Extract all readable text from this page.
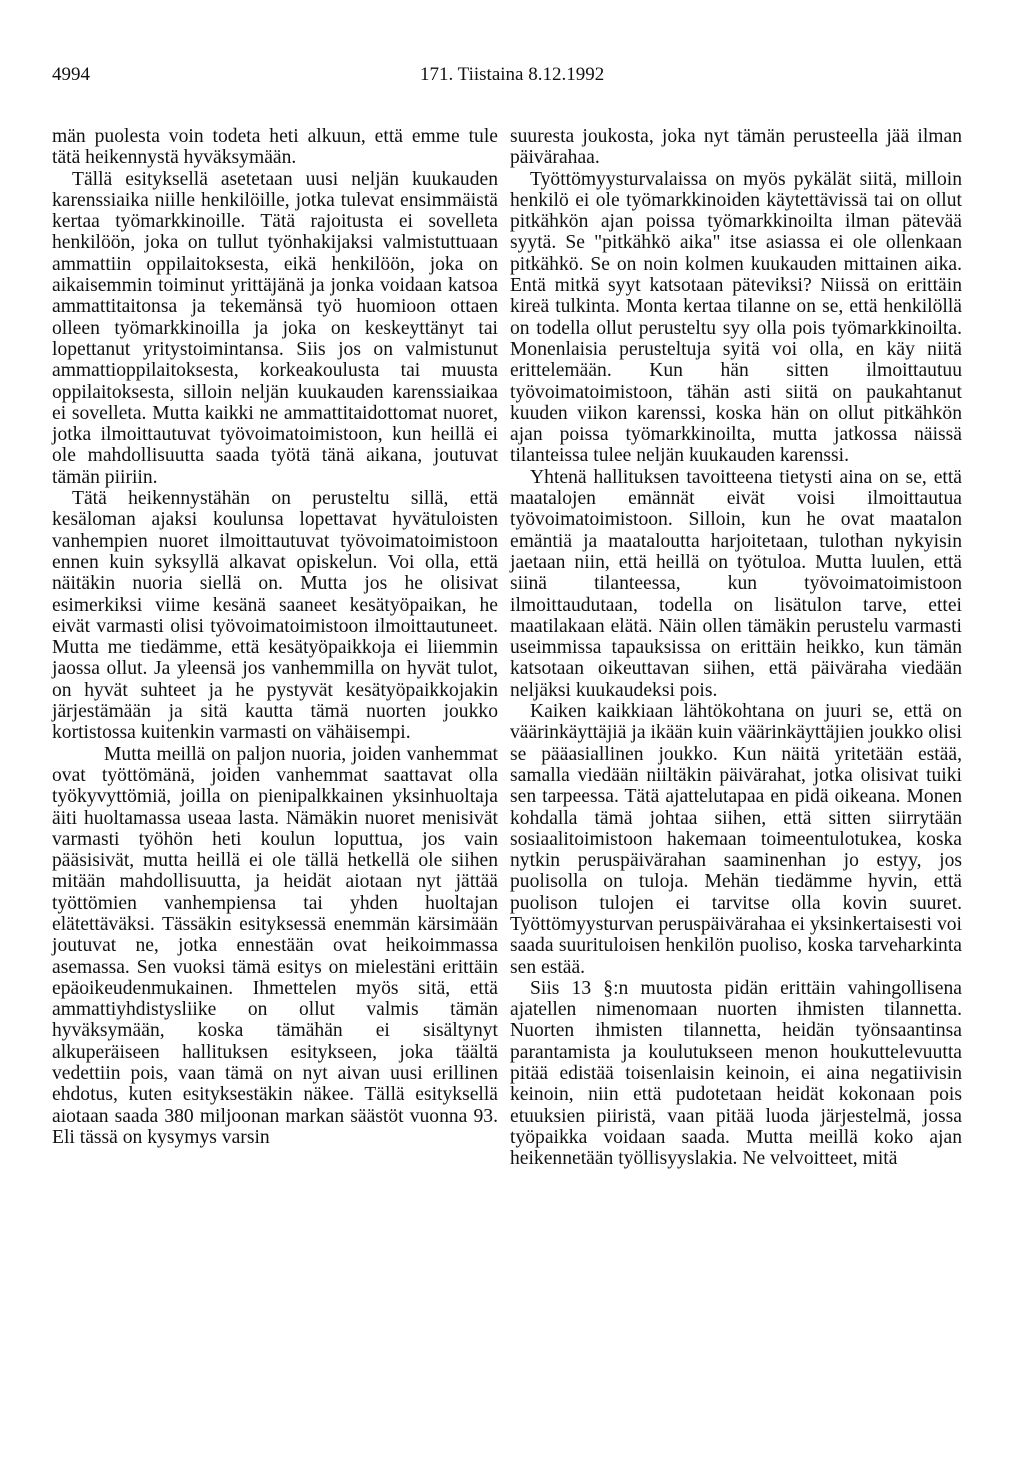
4994	171. Tiistaina 8.12.1992

män puolesta voin todeta heti alkuun, että emme tule tätä heikennystä hyväksymään.

Tällä esityksellä asetetaan uusi neljän kuukauden karenssiaika niille henkilöille, jotka tulevat ensimmäistä kertaa työmarkkinoille. Tätä rajoitusta ei sovelleta henkilöön, joka on tullut työnhakijaksi valmistuttuaan ammattiin oppilaitoksesta, eikä henkilöön, joka on aikaisemmin toiminut yrittäjänä ja jonka voidaan katsoa ammattitaitonsa ja tekemänsä työ huomioon ottaen olleen työmarkkinoilla ja joka on keskeyttänyt tai lopettanut yritystoimintansa. Siis jos on valmistunut ammattioppilaitoksesta, korkeakoulusta tai muusta oppilaitoksesta, silloin neljän kuukauden karenssiaikaa ei sovelleta. Mutta kaikki ne ammattitaidottomat nuoret, jotka ilmoittautuvat työvoimatoimistoon, kun heillä ei ole mahdollisuutta saada työtä tänä aikana, joutuvat tämän piiriin.

Tätä heikennystähän on perusteltu sillä, että kesäloman ajaksi koulunsa lopettavat hyvätuloisten vanhempien nuoret ilmoittautuvat työvoimatoimistoon ennen kuin syksyllä alkavat opiskelun. Voi olla, että näitäkin nuoria siellä on. Mutta jos he olisivat esimerkiksi viime kesänä saaneet kesätyöpaikan, he eivät varmasti olisi työvoimatoimistoon ilmoittautuneet. Mutta me tiedämme, että kesätyöpaikkoja ei liiemmin jaossa ollut. Ja yleensä jos vanhemmilla on hyvät tulot, on hyvät suhteet ja he pystyvät kesätyöpaikkojakin järjestämään ja sitä kautta tämä nuorten joukko kortistossa kuitenkin varmasti on vähäisempi.

Mutta meillä on paljon nuoria, joiden vanhemmat ovat työttömänä, joiden vanhemmat saattavat olla työkyvyttömiä, joilla on pienipalkkainen yksinhuoltaja äiti huoltamassa useaa lasta. Nämäkin nuoret menisivät varmasti työhön heti koulun loputtua, jos vain pääsisivät, mutta heillä ei ole tällä hetkellä ole siihen mitään mahdollisuutta, ja heidät aiotaan nyt jättää työttömien vanhempiensa tai yhden huoltajan elätettäväksi. Tässäkin esityksessä enemmän kärsimään joutuvat ne, jotka ennestään ovat heikoimmassa asemassa. Sen vuoksi tämä esitys on mielestäni erittäin epäoikeudenmukainen. Ihmettelen myös sitä, että ammattiyhdistysliike on ollut valmis tämän hyväksymään, koska tämähän ei sisältynyt alkuperäiseen hallituksen esitykseen, joka täältä vedettiin pois, vaan tämä on nyt aivan uusi erillinen ehdotus, kuten esityksestäkin näkee. Tällä esityksellä aiotaan saada 380 miljoonan markan säästöt vuonna 93. Eli tässä on kysymys varsin

suuresta joukosta, joka nyt tämän perusteella jää ilman päivärahaa.

Työttömyysturvalaissa on myös pykälät siitä, milloin henkilö ei ole työmarkkinoiden käytettävissä tai on ollut pitkähkön ajan poissa työmarkkinoilta ilman pätevää syytä. Se "pitkähkö aika" itse asiassa ei ole ollenkaan pitkähkö. Se on noin kolmen kuukauden mittainen aika. Entä mitkä syyt katsotaan päteviksi? Niissä on erittäin kireä tulkinta. Monta kertaa tilanne on se, että henkilöllä on todella ollut perusteltu syy olla pois työmarkkinoilta. Monenlaisia perusteltuja syitä voi olla, en käy niitä erittelemään. Kun hän sitten ilmoittautuu työvoimatoimistoon, tähän asti siitä on paukahtanut kuuden viikon karenssi, koska hän on ollut pitkähkön ajan poissa työmarkkinoilta, mutta jatkossa näissä tilanteissa tulee neljän kuukauden karenssi.

Yhtenä hallituksen tavoitteena tietysti aina on se, että maatalojen emännät eivät voisi ilmoittautua työvoimatoimistoon. Silloin, kun he ovat maatalon emäntiä ja maataloutta harjoitetaan, tulothan nykyisin jaetaan niin, että heillä on työtuloa. Mutta luulen, että siinä tilanteessa, kun työvoimatoimistoon ilmoittaudutaan, todella on lisätulon tarve, ettei maatilakaan elätä. Näin ollen tämäkin perustelu varmasti useimmissa tapauksissa on erittäin heikko, kun tämän katsotaan oikeuttavan siihen, että päiväraha viedään neljäksi kuukaudeksi pois.

Kaiken kaikkiaan lähtökohtana on juuri se, että on väärinkäyttäjiä ja ikään kuin väärinkäyttäjien joukko olisi se pääasiallinen joukko. Kun näitä yritetään estää, samalla viedään niiltäkin päivärahat, jotka olisivat tuiki sen tarpeessa. Tätä ajattelutapaa en pidä oikeana. Monen kohdalla tämä johtaa siihen, että sitten siirrytään sosiaalitoimistoon hakemaan toimeentulotukea, koska nytkin peruspäivärahan saaminenhan jo estyy, jos puolisolla on tuloja. Mehän tiedämme hyvin, että puolison tulojen ei tarvitse olla kovin suuret. Työttömyysturvan peruspäivärahaa ei yksinkertaisesti voi saada suurituloisen henkilön puoliso, koska tarveharkinta sen estää.

Siis 13 §:n muutosta pidän erittäin vahingollisena ajatellen nimenomaan nuorten ihmisten tilannetta. Nuorten ihmisten tilannetta, heidän työnsaantinsa parantamista ja koulutukseen menon houkuttelevuutta pitää edistää toisenlaisin keinoin, ei aina negatiivisin keinoin, niin että pudotetaan heidät kokonaan pois etuuksien piiristä, vaan pitää luoda järjestelmä, jossa työpaikka voidaan saada. Mutta meillä koko ajan heikennetään työllisyyslakia. Ne velvoitteet, mitä
